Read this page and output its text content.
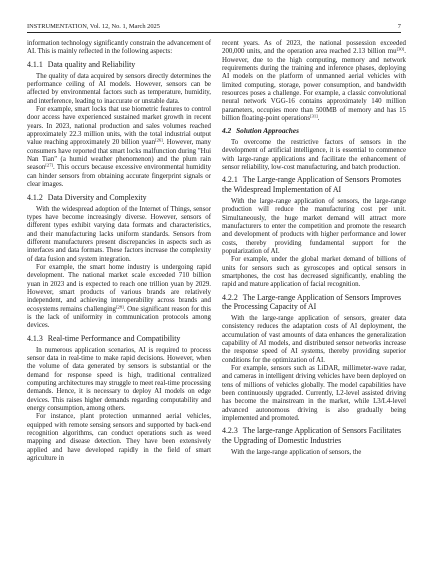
INSTRUMENTATION, Vol. 12, No. 1, March 2025	7

information technology significantly constrain the advancement of AI. This is mainly reflected in the following aspects:

4.1.1 Data quality and Reliability

The quality of data acquired by sensors directly determines the performance ceiling of AI models. However, sensors can be affected by environmental factors such as temperature, humidity, and interference, leading to inaccurate or unstable data.

For example, smart locks that use biometric features to control door access have experienced sustained market growth in recent years. In 2023, national production and sales volumes reached approximately 22.3 million units, with the total industrial output value reaching approximately 20 billion yuan[26]. However, many consumers have reported that smart locks malfunction during "Hui Nan Tian" (a humid weather phenomenon) and the plum rain season[27]. This occurs because excessive environmental humidity can hinder sensors from obtaining accurate fingerprint signals or clear images.

4.1.2 Data Diversity and Complexity

With the widespread adoption of the Internet of Things, sensor types have become increasingly diverse. However, sensors of different types exhibit varying data formats and characteristics, and their manufacturing lacks uniform standards. Sensors from different manufacturers present discrepancies in aspects such as interfaces and data formats. These factors increase the complexity of data fusion and system integration.

For example, the smart home industry is undergoing rapid development. The national market scale exceeded 710 billion yuan in 2023 and is expected to reach one trillion yuan by 2029. However, smart products of various brands are relatively independent, and achieving interoperability across brands and ecosystems remains challenging[28]. One significant reason for this is the lack of uniformity in communication protocols among devices.

4.1.3 Real-time Performance and Compatibility

In numerous application scenarios, AI is required to process sensor data in real-time to make rapid decisions. However, when the volume of data generated by sensors is substantial or the demand for response speed is high, traditional centralized computing architectures may struggle to meet real-time processing demands. Hence, it is necessary to deploy AI models on edge devices. This raises higher demands regarding computability and energy consumption, among others.

For instance, plant protection unmanned aerial vehicles, equipped with remote sensing sensors and supported by back-end recognition algorithms, can conduct operations such as weed mapping and disease detection. They have been extensively applied and have developed rapidly in the field of smart agriculture in

recent years. As of 2023, the national possession exceeded 200,000 units, and the operation area reached 2.13 billion mu[30]. However, due to the high computing, memory and network requirements during the training and inference phases, deploying AI models on the platform of unmanned aerial vehicles with limited computing, storage, power consumption, and bandwidth resources poses a challenge. For example, a classic convolutional neural network VGG-16 contains approximately 140 million parameters, occupies more than 500MB of memory and has 15 billion floating-point operations[31].

4.2 Solution Approaches

To overcome the restrictive factors of sensors in the development of artificial intelligence, it is essential to commence with large-range applications and facilitate the enhancement of sensor reliability, low-cost manufacturing, and batch production.

4.2.1 The Large-range Application of Sensors Promotes the Widespread Implementation of AI

With the large-range application of sensors, the large-range production will reduce the manufacturing cost per unit. Simultaneously, the huge market demand will attract more manufacturers to enter the competition and promote the research and development of products with higher performance and lower costs, thereby providing fundamental support for the popularization of AI.

For example, under the global market demand of billions of units for sensors such as gyroscopes and optical sensors in smartphones, the cost has decreased significantly, enabling the rapid and mature application of facial recognition.

4.2.2 The Large-range Application of Sensors Improves the Processing Capacity of AI

With the large-range application of sensors, greater data consistency reduces the adaptation costs of AI deployment, the accumulation of vast amounts of data enhances the generalization capability of AI models, and distributed sensor networks increase the response speed of AI systems, thereby providing superior conditions for the optimization of AI.

For example, sensors such as LiDAR, millimeter-wave radar, and cameras in intelligent driving vehicles have been deployed on tens of millions of vehicles globally. The model capabilities have been continuously upgraded. Currently, L2-level assisted driving has become the mainstream in the market, while L3/L4-level advanced autonomous driving is also gradually being implemented and promoted.

4.2.3 The large-range Application of Sensors Facilitates the Upgrading of Domestic Industries

With the large-range application of sensors, the
